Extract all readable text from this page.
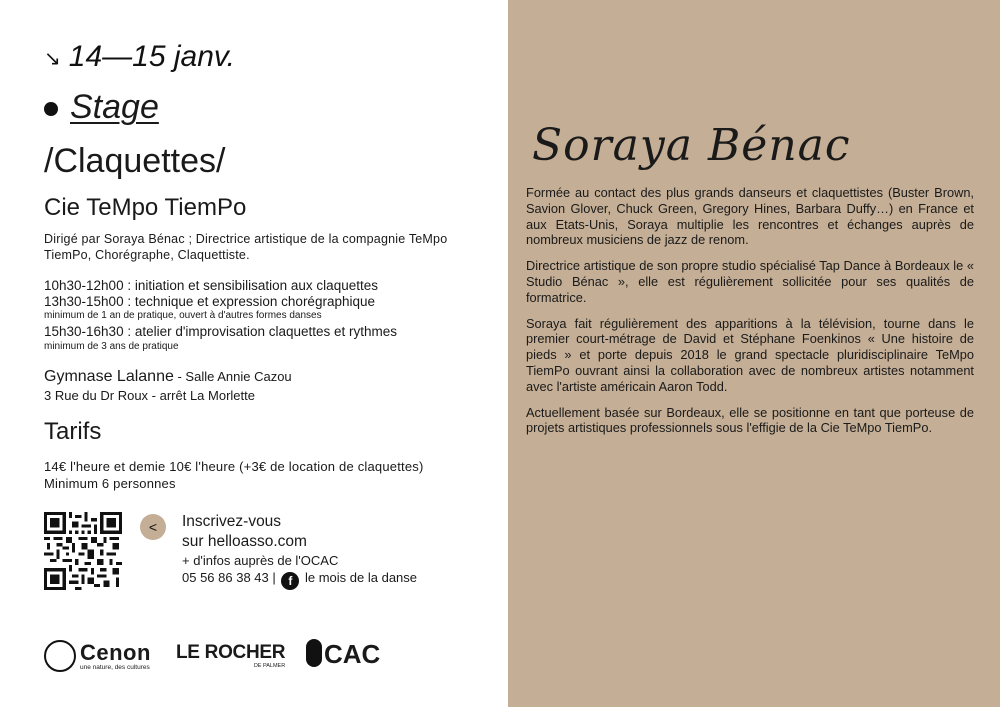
↘ 14—15 janv.
Stage
/Claquettes/
Cie TeMpo TiemPo
Dirigé par Soraya Bénac ; Directrice artistique de la compagnie TeMpo TiemPo, Chorégraphe, Claquettiste.
10h30-12h00 : initiation et sensibilisation aux claquettes
13h30-15h00 : technique et expression chorégraphique
minimum de 1 an de pratique, ouvert à d'autres formes danses
15h30-16h30 : atelier d'improvisation claquettes et rythmes
minimum de 3 ans de pratique
Gymnase Lalanne - Salle Annie Cazou
3 Rue du Dr Roux - arrêt La Morlette
Tarifs
14€ l'heure et demie 10€ l'heure (+3€ de location de claquettes)
Minimum 6 personnes
<	Inscrivez-vous
sur helloasso.com
+ d'infos auprès de l'OCAC
05 56 86 38 43 | f le mois de la danse
Cenon
une nature, des cultures
LE ROCHER
DE PALMER	CAC
Soraya Bénac

Formée au contact des plus grands danseurs et claquettistes (Buster Brown, Savion Glover, Chuck Green, Gregory Hines, Barbara Duffy…) en France et aux Etats-Unis, Soraya multiplie les rencontres et échanges auprès de nombreux musiciens de jazz de renom.

Directrice artistique de son propre studio spécialisé Tap Dance à Bordeaux le « Studio Bénac », elle est régulièrement sollicitée pour ses qualités de formatrice.

Soraya fait régulièrement des apparitions à la télévision, tourne dans le premier court-métrage de David et Stéphane Foenkinos « Une histoire de pieds » et porte depuis 2018 le grand spectacle pluridisciplinaire TeMpo TiemPo ouvrant ainsi la collaboration avec de nombreux artistes notamment avec l'artiste américain Aaron Todd.

Actuellement basée sur Bordeaux, elle se positionne en tant que porteuse de projets artistiques professionnels sous l'effigie de la Cie TeMpo TiemPo.
